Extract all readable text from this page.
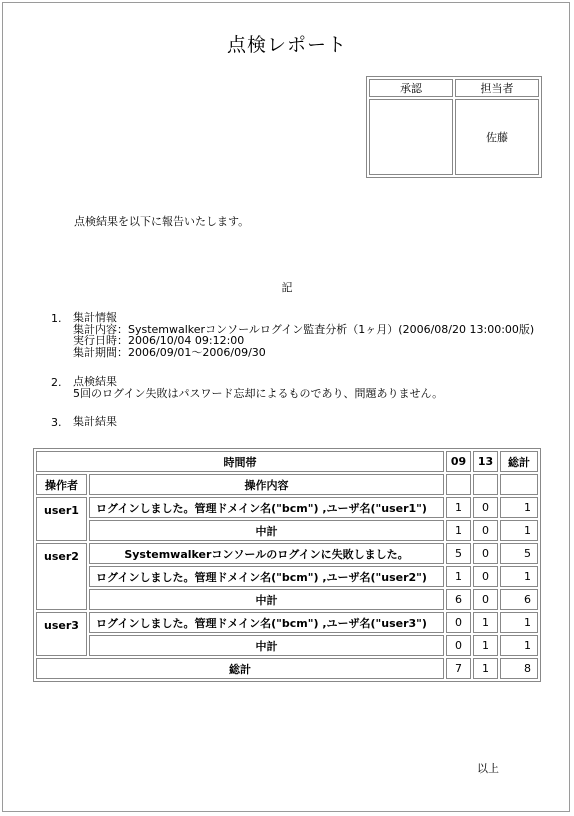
点検レポート
承認	担当者
	佐藤
点検結果を以下に報告いたします。
記
1. 集計情報
集計内容：Systemwalkerコンソールログイン監査分析（1ヶ月）(2006/08/20 13:00:00版)
実行日時：2006/10/04 09:12:00
集計期間：2006/09/01～2006/09/30
2. 点検結果
5回のログイン失敗はパスワード忘却によるものであり、問題ありません。
3. 集計結果
時間帯		09	13	総計
操作者	操作内容			
user1	ログインしました。管理ドメイン名("bcm") ,ユーザ名("user1")	1	0	1
	中計	1	0	1
user2	Systemwalkerコンソールのログインに失敗しました。	5	0	5
	ログインしました。管理ドメイン名("bcm") ,ユーザ名("user2")	1	0	1
	中計	6	0	6
user3	ログインしました。管理ドメイン名("bcm") ,ユーザ名("user3")	0	1	1
	中計	0	1	1
総計		7	1	8
以上
